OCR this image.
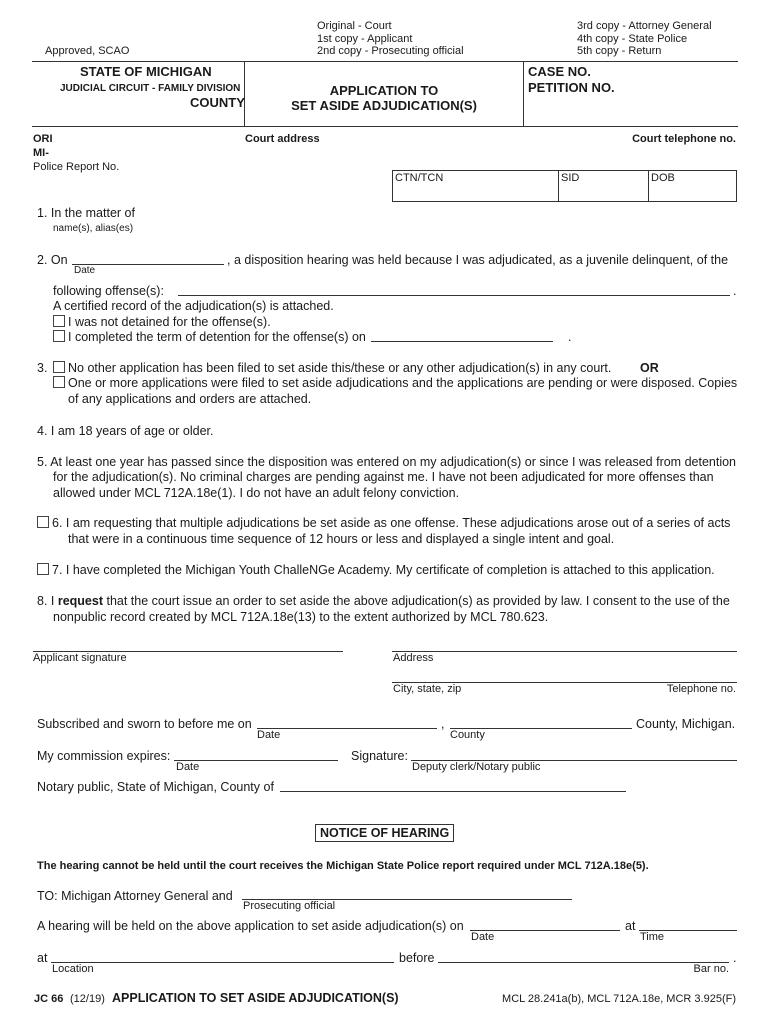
Approved, SCAO
Original - Court
1st copy - Applicant
2nd copy - Prosecuting official
3rd copy - Attorney General
4th copy - State Police
5th copy - Return
STATE OF MICHIGAN
JUDICIAL CIRCUIT - FAMILY DIVISION
COUNTY
APPLICATION TO
SET ASIDE ADJUDICATION(S)
CASE NO.
PETITION NO.
ORI
MI-
Police Report No.
Court address	Court telephone no.
CTN/TCN	SID	DOB
1. In the matter of
name(s), alias(es)
2. On
Date
, a disposition hearing was held because I was adjudicated, as a juvenile delinquent, of the
following offense(s):	.
A certified record of the adjudication(s) is attached.
I was not detained for the offense(s).
I completed the term of detention for the offense(s) on	.
3.	No other application has been filed to set aside this/these or any other adjudication(s) in any court. OR
One or more applications were filed to set aside adjudications and the applications are pending or were disposed. Copies
of any applications and orders are attached.
4. I am 18 years of age or older.
5. At least one year has passed since the disposition was entered on my adjudication(s) or since I was released from detention
for the adjudication(s). No criminal charges are pending against me. I have not been adjudicated for more offenses than
allowed under MCL 712A.18e(1). I do not have an adult felony conviction.
6. I am requesting that multiple adjudications be set aside as one offense. These adjudications arose out of a series of acts
that were in a continuous time sequence of 12 hours or less and displayed a single intent and goal.
7. I have completed the Michigan Youth ChalleNGe Academy. My certificate of completion is attached to this application.
8. I request that the court issue an order to set aside the above adjudication(s) as provided by law. I consent to the use of the
nonpublic record created by MCL 712A.18e(13) to the extent authorized by MCL 780.623.
Applicant signature	Address
City, state, zip	Telephone no.
Subscribed and sworn to before me on	,	County, Michigan.
Date	County
My commission expires:
Date
Signature:
Deputy clerk/Notary public
Notary public, State of Michigan, County of
NOTICE OF HEARING
The hearing cannot be held until the court receives the Michigan State Police report required under MCL 712A.18e(5).
TO: Michigan Attorney General and
Prosecuting official
A hearing will be held on the above application to set aside adjudication(s) on
Date
at
Time
at
Location
before	.
Bar no.
JC 66 (12/19) APPLICATION TO SET ASIDE ADJUDICATION(S)	MCL 28.241a(b), MCL 712A.18e, MCR 3.925(F)
